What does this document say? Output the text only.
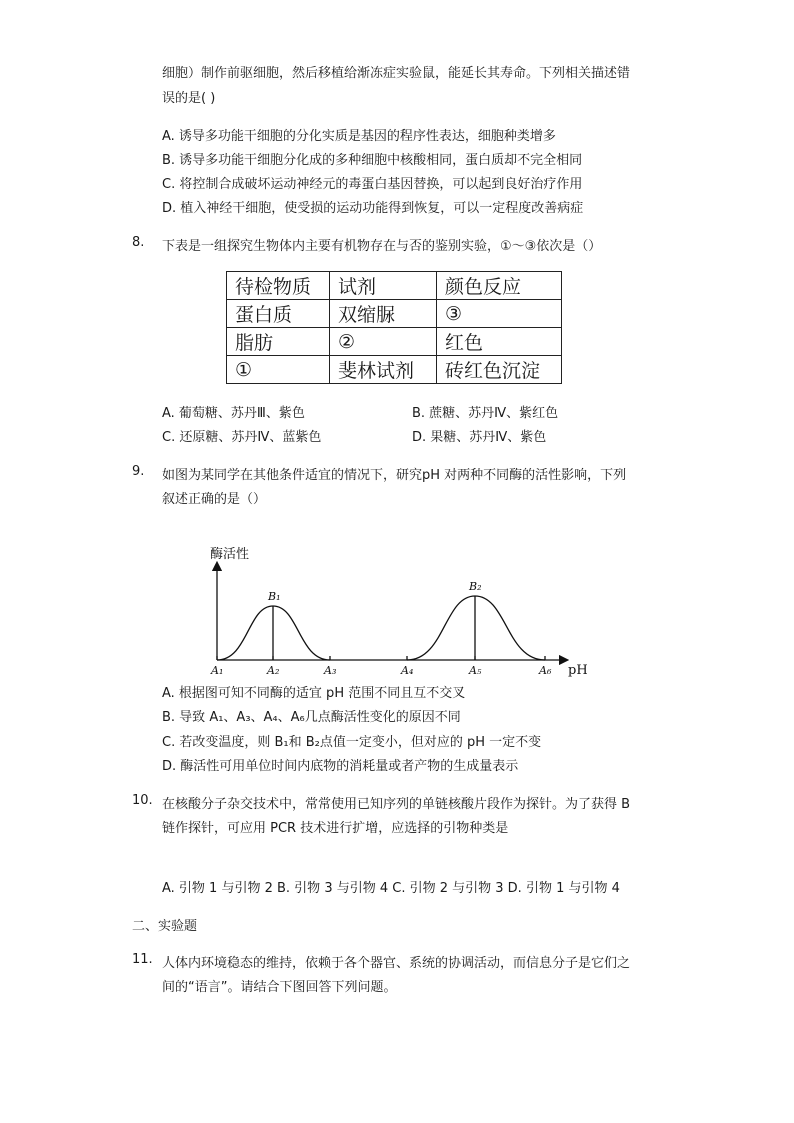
细胞）制作前驱细胞，然后移植给渐冻症实验鼠，能延长其寿命。下列相关描述错
误的是( )
A. 诱导多功能干细胞的分化实质是基因的程序性表达，细胞种类增多
B. 诱导多功能干细胞分化成的多种细胞中核酸相同，蛋白质却不完全相同
C. 将控制合成破坏运动神经元的毒蛋白基因替换，可以起到良好治疗作用
D. 植入神经干细胞，使受损的运动功能得到恢复，可以一定程度改善病症
8. 下表是一组探究生物体内主要有机物存在与否的鉴别实验，①～③依次是（）
待检物质	试剂	颜色反应
蛋白质	双缩脲	③
脂肪	②	红色
①	斐林试剂	砖红色沉淀
A. 葡萄糖、苏丹Ⅲ、紫色	B. 蔗糖、苏丹Ⅳ、紫红色
C. 还原糖、苏丹Ⅳ、蓝紫色	D. 果糖、苏丹Ⅳ、紫色
9. 如图为某同学在其他条件适宜的情况下，研究pH 对两种不同酶的活性影响，下列
叙述正确的是（）
酶活性
pH
A₁	A₂	A₃	A₄	A₅	A₆
B₁
B₂
A. 根据图可知不同酶的适宜 pH 范围不同且互不交叉
B. 导致 A₁、A₃、A₄、A₆几点酶活性变化的原因不同
C. 若改变温度，则 B₁和 B₂点值一定变小，但对应的 pH 一定不变
D. 酶活性可用单位时间内底物的消耗量或者产物的生成量表示
10. 在核酸分子杂交技术中，常常使用已知序列的单链核酸片段作为探针。为了获得 B
链作探针，可应用 PCR 技术进行扩增，应选择的引物种类是
A. 引物 1 与引物 2 B. 引物 3 与引物 4 C. 引物 2 与引物 3 D. 引物 1 与引物 4
二、实验题
11. 人体内环境稳态的维持，依赖于各个器官、系统的协调活动，而信息分子是它们之
间的“语言”。请结合下图回答下列问题。
